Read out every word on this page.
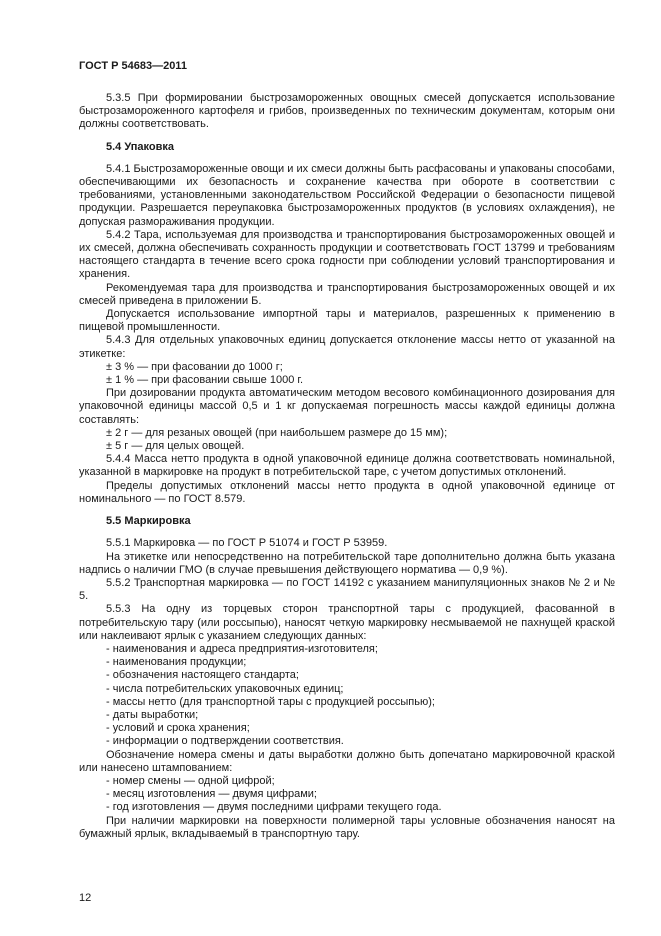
ГОСТ Р 54683—2011
5.3.5 При формировании быстрозамороженных овощных смесей допускается использование быстрозамороженного картофеля и грибов, произведенных по техническим документам, которым они должны соответствовать.
5.4 Упаковка
5.4.1 Быстрозамороженные овощи и их смеси должны быть расфасованы и упакованы способами, обеспечивающими их безопасность и сохранение качества при обороте в соответствии с требованиями, установленными законодательством Российской Федерации о безопасности пищевой продукции. Разрешается переупаковка быстрозамороженных продуктов (в условиях охлаждения), не допуская размораживания продукции.
5.4.2 Тара, используемая для производства и транспортирования быстрозамороженных овощей и их смесей, должна обеспечивать сохранность продукции и соответствовать ГОСТ 13799 и требованиям настоящего стандарта в течение всего срока годности при соблюдении условий транспортирования и хранения.
Рекомендуемая тара для производства и транспортирования быстрозамороженных овощей и их смесей приведена в приложении Б.
Допускается использование импортной тары и материалов, разрешенных к применению в пищевой промышленности.
5.4.3 Для отдельных упаковочных единиц допускается отклонение массы нетто от указанной на этикетке:
± 3 % — при фасовании до 1000 г;
± 1 % — при фасовании свыше 1000 г.
При дозировании продукта автоматическим методом весового комбинационного дозирования для упаковочной единицы массой 0,5 и 1 кг допускаемая погрешность массы каждой единицы должна составлять:
± 2 г — для резаных овощей (при наибольшем размере до 15 мм);
± 5 г — для целых овощей.
5.4.4 Масса нетто продукта в одной упаковочной единице должна соответствовать номинальной, указанной в маркировке на продукт в потребительской таре, с учетом допустимых отклонений.
Пределы допустимых отклонений массы нетто продукта в одной упаковочной единице от номинального — по ГОСТ 8.579.
5.5 Маркировка
5.5.1 Маркировка — по ГОСТ Р 51074 и ГОСТ Р 53959.
На этикетке или непосредственно на потребительской таре дополнительно должна быть указана надпись о наличии ГМО (в случае превышения действующего норматива — 0,9 %).
5.5.2 Транспортная маркировка — по ГОСТ 14192 с указанием манипуляционных знаков № 2 и № 5.
5.5.3 На одну из торцевых сторон транспортной тары с продукцией, фасованной в потребительскую тару (или россыпью), наносят четкую маркировку несмываемой не пахнущей краской или наклеивают ярлык с указанием следующих данных:
- наименования и адреса предприятия-изготовителя;
- наименования продукции;
- обозначения настоящего стандарта;
- числа потребительских упаковочных единиц;
- массы нетто (для транспортной тары с продукцией россыпью);
- даты выработки;
- условий и срока хранения;
- информации о подтверждении соответствия.
Обозначение номера смены и даты выработки должно быть допечатано маркировочной краской или нанесено штампованием:
- номер смены — одной цифрой;
- месяц изготовления — двумя цифрами;
- год изготовления — двумя последними цифрами текущего года.
При наличии маркировки на поверхности полимерной тары условные обозначения наносят на бумажный ярлык, вкладываемый в транспортную тару.
12
